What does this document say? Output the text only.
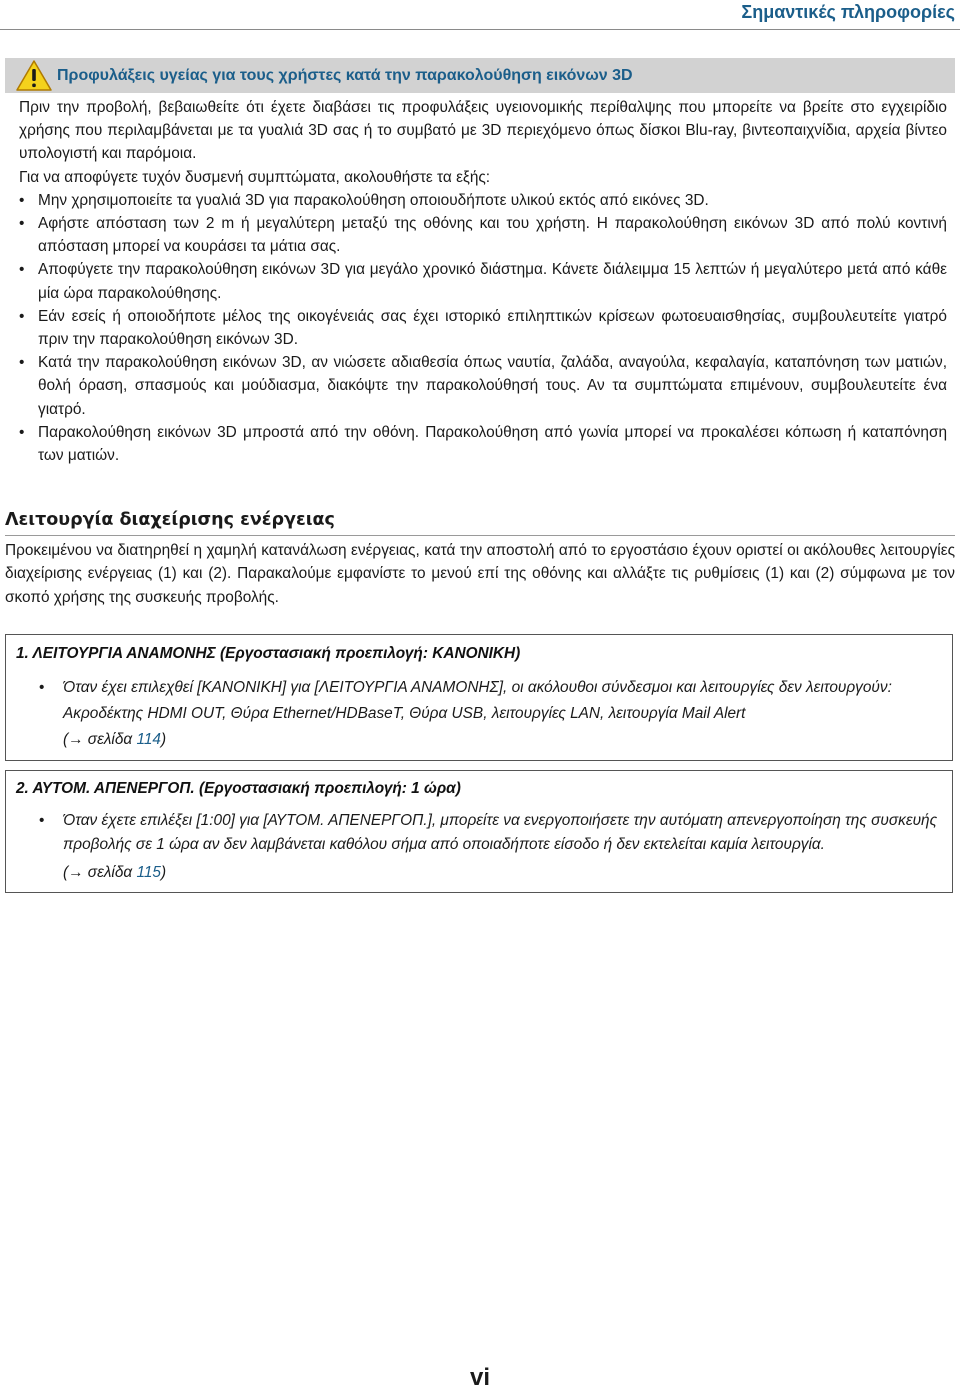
Σημαντικές πληροφορίες
Προφυλάξεις υγείας για τους χρήστες κατά την παρακολούθηση εικόνων 3D

Πριν την προβολή, βεβαιωθείτε ότι έχετε διαβάσει τις προφυλάξεις υγειονομικής περίθαλψης που μπορείτε να βρείτε στο εγχειρίδιο χρήσης που περιλαμβάνεται με τα γυαλιά 3D σας ή το συμβατό με 3D περιεχόμενο όπως δίσκοι Blu-ray, βιντεοπαιχνίδια, αρχεία βίντεο υπολογιστή και παρόμοια.

Για να αποφύγετε τυχόν δυσμενή συμπτώματα, ακολουθήστε τα εξής:

• Μην χρησιμοποιείτε τα γυαλιά 3D για παρακολούθηση οποιουδήποτε υλικού εκτός από εικόνες 3D.
• Αφήστε απόσταση των 2 m ή μεγαλύτερη μεταξύ της οθόνης και του χρήστη. Η παρακολούθηση εικόνων 3D από πολύ κοντινή απόσταση μπορεί να κουράσει τα μάτια σας.
• Αποφύγετε την παρακολούθηση εικόνων 3D για μεγάλο χρονικό διάστημα. Κάνετε διάλειμμα 15 λεπτών ή μεγαλύτερο μετά από κάθε μία ώρα παρακολούθησης.
• Εάν εσείς ή οποιοδήποτε μέλος της οικογένειάς σας έχει ιστορικό επιληπτικών κρίσεων φωτοευαισθησίας, συμβουλευτείτε γιατρό πριν την παρακολούθηση εικόνων 3D.
• Κατά την παρακολούθηση εικόνων 3D, αν νιώσετε αδιαθεσία όπως ναυτία, ζαλάδα, αναγούλα, κεφαλαγία, καταπόνηση των ματιών, θολή όραση, σπασμούς και μούδιασμα, διακόψτε την παρακολούθησή τους. Αν τα συμπτώματα επιμένουν, συμβουλευτείτε ένα γιατρό.
• Παρακολούθηση εικόνων 3D μπροστά από την οθόνη. Παρακολούθηση από γωνία μπορεί να προκαλέσει κόπωση ή καταπόνηση των ματιών.
Λειτουργία διαχείρισης ενέργειας

Προκειμένου να διατηρηθεί η χαμηλή κατανάλωση ενέργειας, κατά την αποστολή από το εργοστάσιο έχουν οριστεί οι ακόλουθες λειτουργίες διαχείρισης ενέργειας (1) και (2). Παρακαλούμε εμφανίστε το μενού επί της οθόνης και αλλάξτε τις ρυθμίσεις (1) και (2) σύμφωνα με τον σκοπό χρήσης της συσκευής προβολής.

1. ΛΕΙΤΟΥΡΓΙΑ ΑΝΑΜΟΝΗΣ (Εργοστασιακή προεπιλογή: ΚΑΝΟΝΙΚΗ)
• Όταν έχει επιλεχθεί [ΚΑΝΟΝΙΚΗ] για [ΛΕΙΤΟΥΡΓΙΑ ΑΝΑΜΟΝΗΣ], οι ακόλουθοι σύνδεσμοι και λειτουργίες δεν λειτουργούν:
Ακροδέκτης HDMI OUT, Θύρα Ethernet/HDBaseT, Θύρα USB, λειτουργίες LAN, λειτουργία Mail Alert
(→ σελίδα 114)
2. ΑΥΤΟΜ. ΑΠΕΝΕΡΓΟΠ. (Εργοστασιακή προεπιλογή: 1 ώρα)
• Όταν έχετε επιλέξει [1:00] για [ΑΥΤΟΜ. ΑΠΕΝΕΡΓΟΠ.], μπορείτε να ενεργοποιήσετε την αυτόματη απενεργοποίηση της συσκευής προβολής σε 1 ώρα αν δεν λαμβάνεται καθόλου σήμα από οποιαδήποτε είσοδο ή δεν εκτελείται καμία λειτουργία.
(→ σελίδα 115)
vi
